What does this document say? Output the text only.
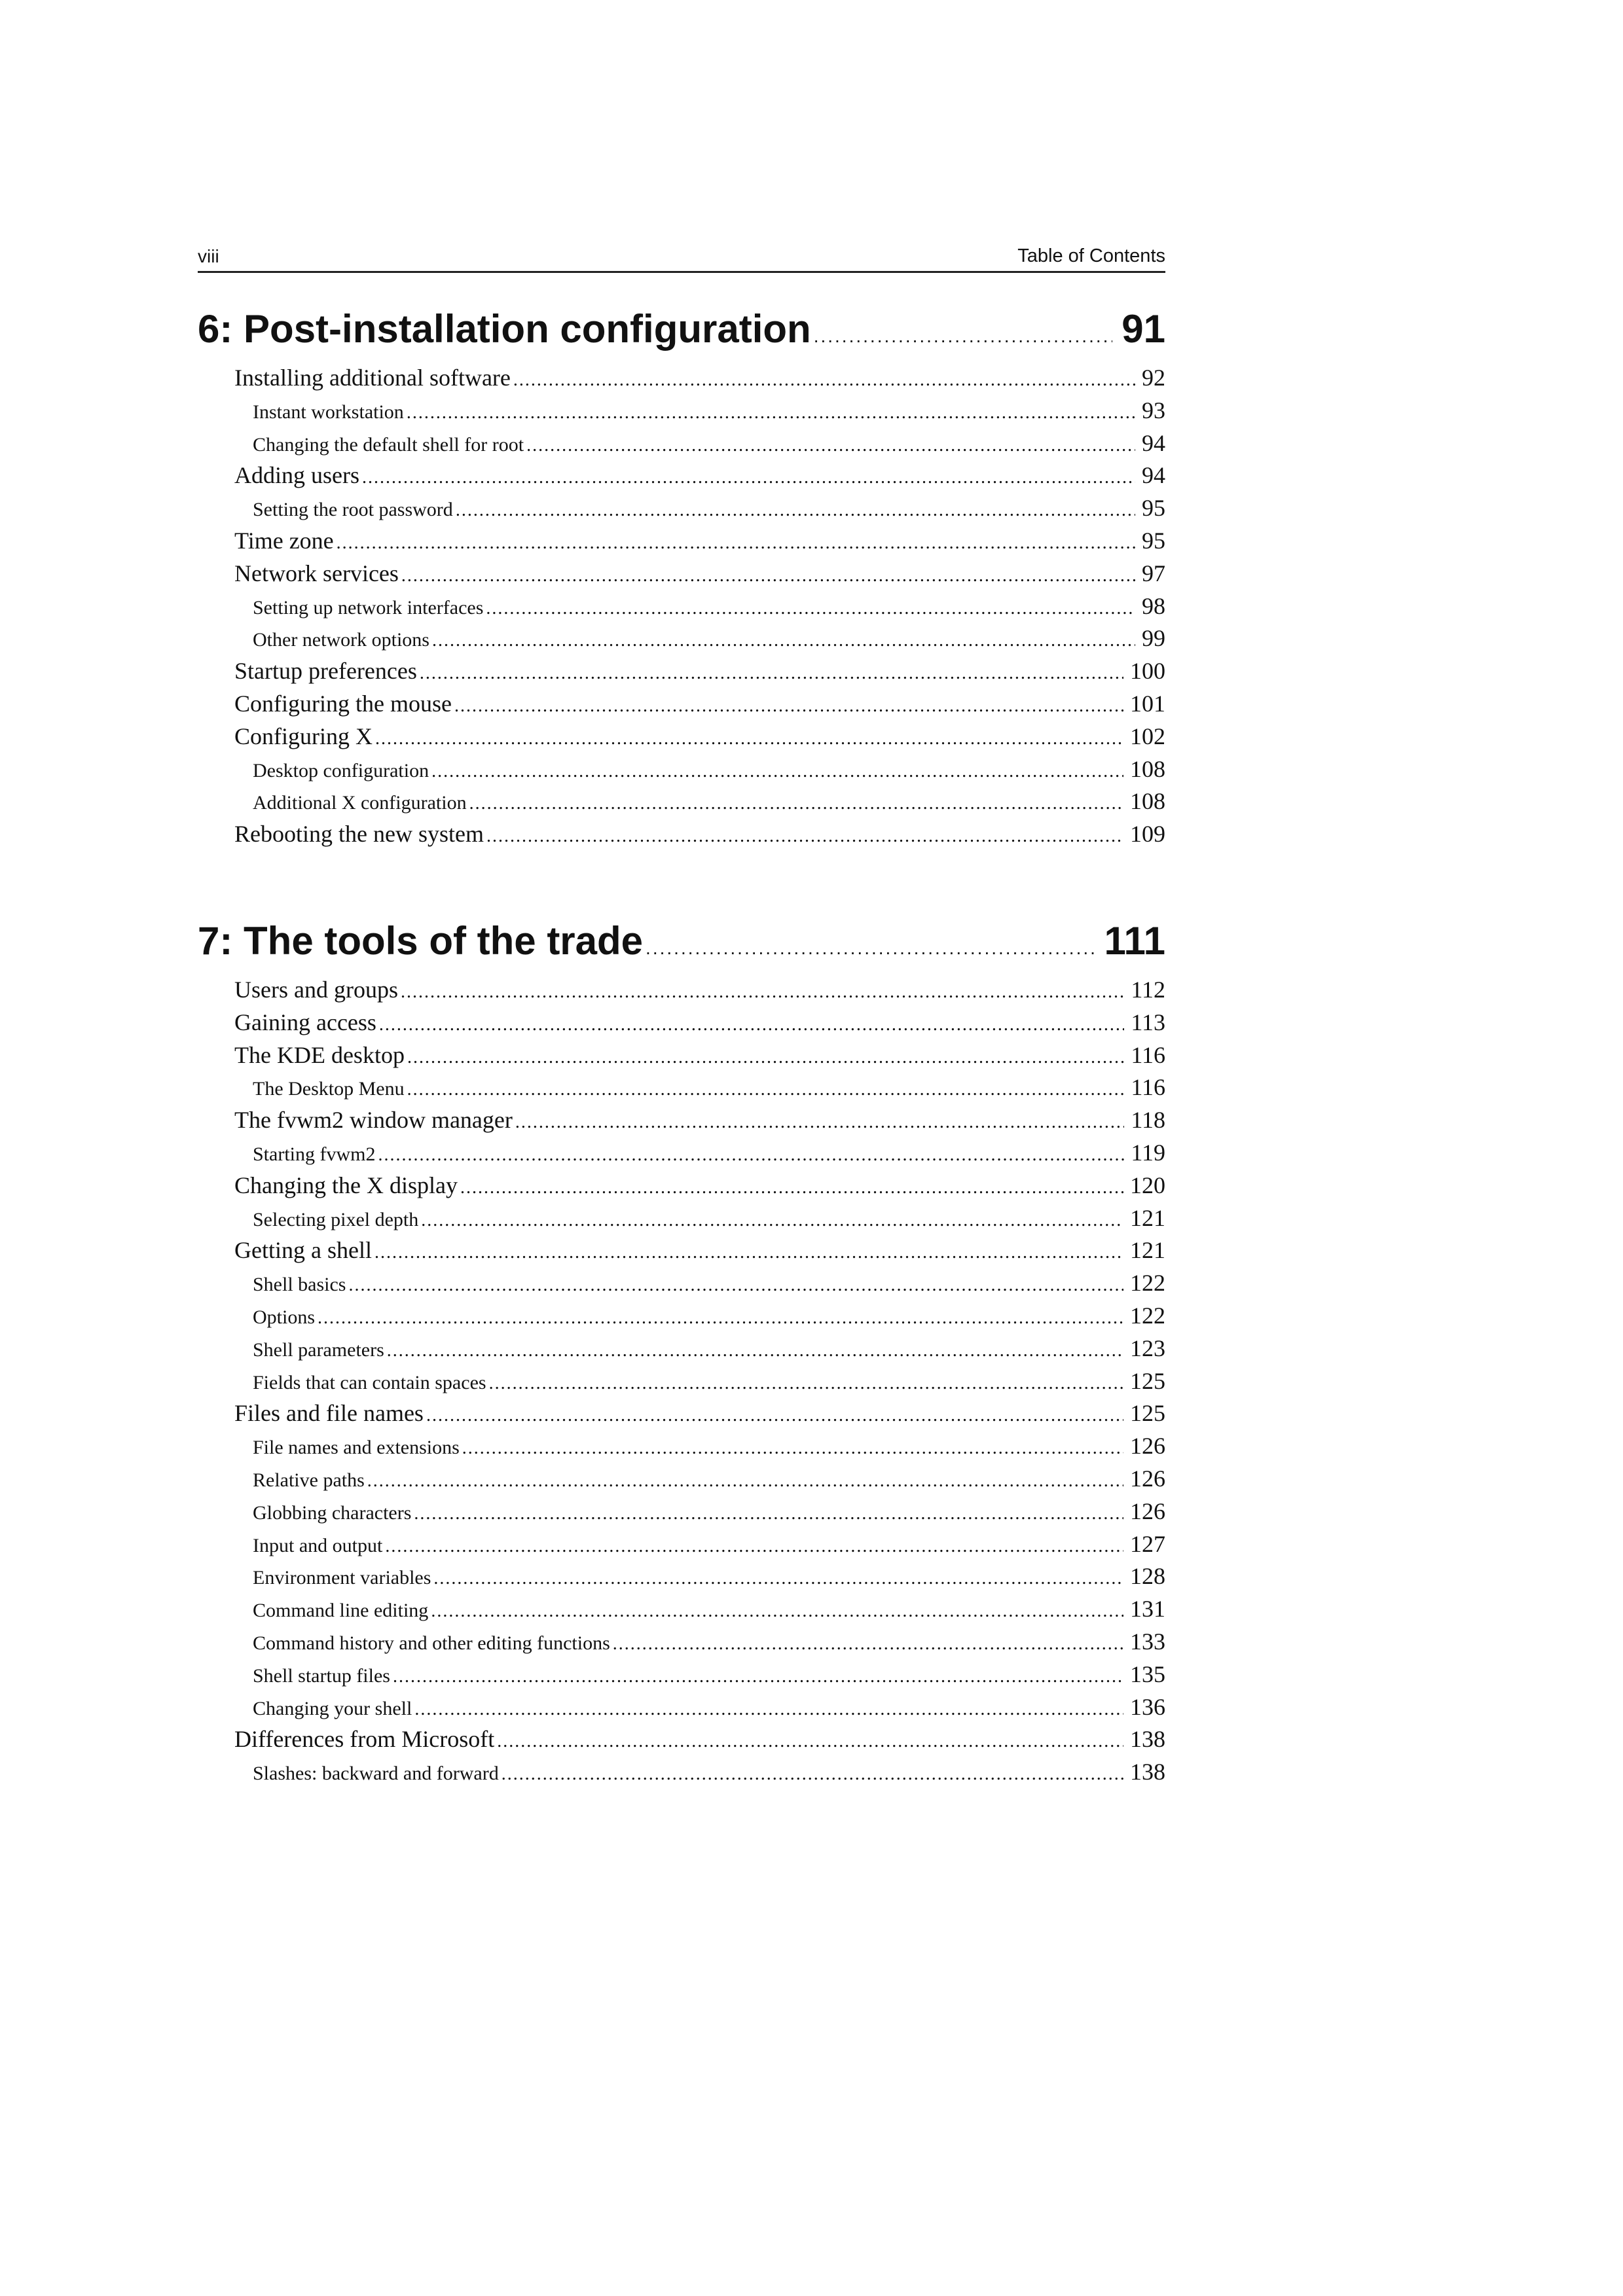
viii	Table of Contents
6: Post-installation configuration .....	91
Installing additional software .....	92
Instant workstation .....	93
Changing the default shell for root .....	94
Adding users .....	94
Setting the root password .....	95
Time zone .....	95
Network services .....	97
Setting up network interfaces .....	98
Other network options .....	99
Startup preferences .....	100
Configuring the mouse .....	101
Configuring X .....	102
Desktop configuration .....	108
Additional X configuration .....	108
Rebooting the new system .....	109
7: The tools of the trade .....	111
Users and groups .....	112
Gaining access .....	113
The KDE desktop .....	116
The Desktop Menu .....	116
The fvwm2 window manager .....	118
Starting fvwm2 .....	119
Changing the X display .....	120
Selecting pixel depth .....	121
Getting a shell .....	121
Shell basics .....	122
Options .....	122
Shell parameters .....	123
Fields that can contain spaces .....	125
Files and file names .....	125
File names and extensions .....	126
Relative paths .....	126
Globbing characters .....	126
Input and output .....	127
Environment variables .....	128
Command line editing .....	131
Command history and other editing functions .....	133
Shell startup files .....	135
Changing your shell .....	136
Differences from Microsoft .....	138
Slashes: backward and forward .....	138
